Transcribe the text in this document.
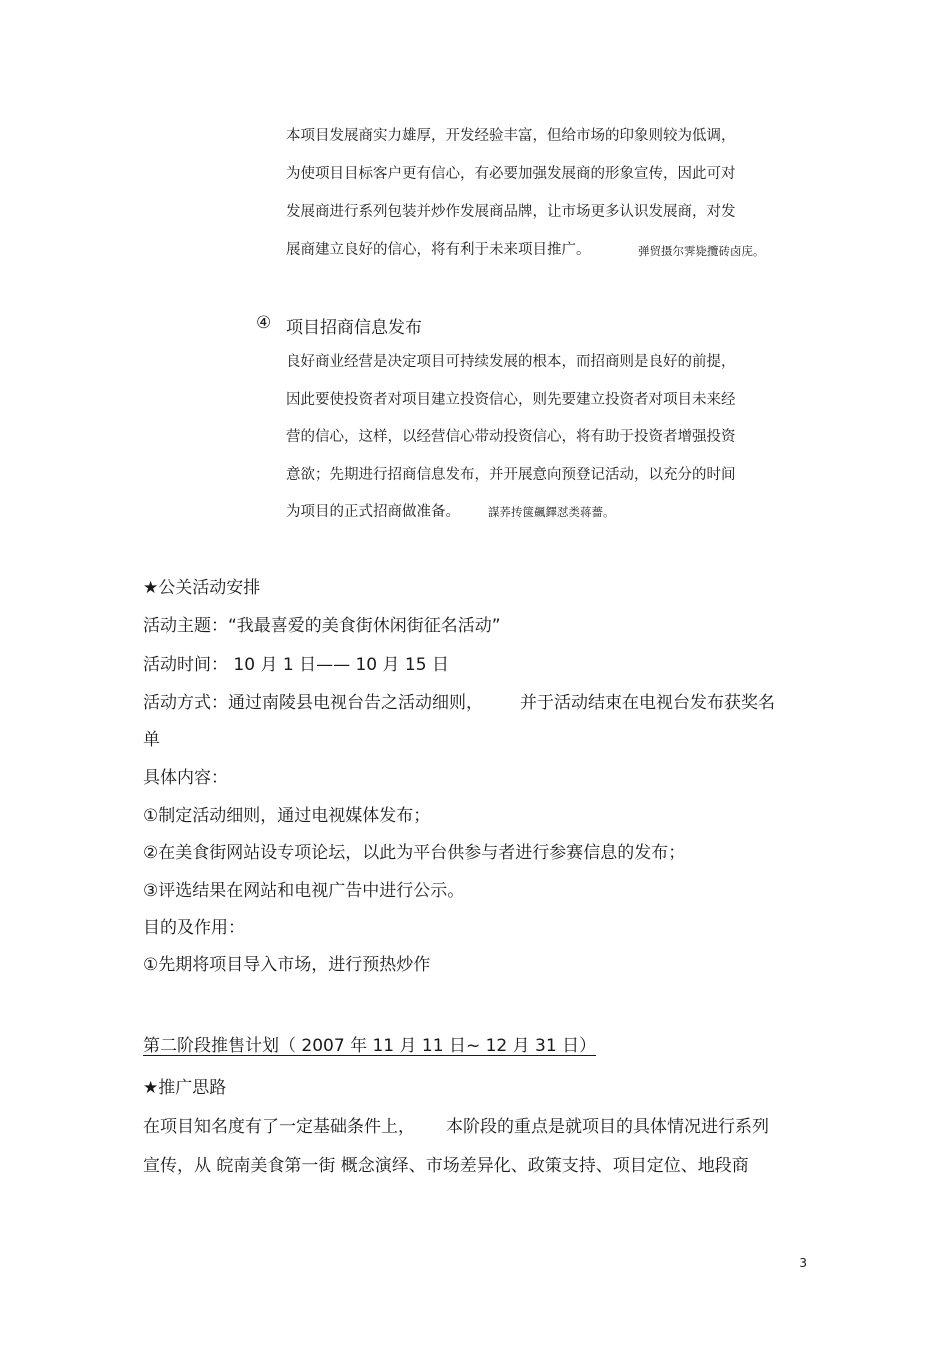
本项目发展商实力雄厚，开发经验丰富，但给市场的印象则较为低调，
为使项目目标客户更有信心，有必要加强发展商的形象宣传，因此可对
发展商进行系列包装并炒作发展商品牌，让市场更多认识发展商，对发
展商建立良好的信心，将有利于未来项目推广。	弹贸摄尔霁毙攬砖卤庑。
④ 项目招商信息发布
良好商业经营是决定项目可持续发展的根本，而招商则是良好的前提，
因此要使投资者对项目建立投资信心，则先要建立投资者对项目未来经
营的信心，这样，以经营信心带动投资信心，将有助于投资者增强投资
意欲；先期进行招商信息发布，并开展意向预登记活动，以充分的时间
为项目的正式招商做准备。 謀荞抟箧飆鐸怼类蒋薔。
★公关活动安排
活动主题：“我最喜爱的美食街休闲街征名活动”
活动时间： 10 月 1 日—— 10 月 15 日
活动方式：通过南陵县电视台告之活动细则， 并于活动结束在电视台发布获奖名
单
具体内容：
①制定活动细则，通过电视媒体发布；
②在美食街网站设专项论坛，以此为平台供参与者进行参赛信息的发布；
③评选结果在网站和电视广告中进行公示。
目的及作用：
①先期将项目导入市场，进行预热炒作
第二阶段推售计划（ 2007 年 11 月 11 日~ 12 月 31 日）
★推广思路
在项目知名度有了一定基础条件上， 本阶段的重点是就项目的具体情况进行系列
宣传，从 皖南美食第一街 概念演绎、市场差异化、政策支持、项目定位、地段商
3
